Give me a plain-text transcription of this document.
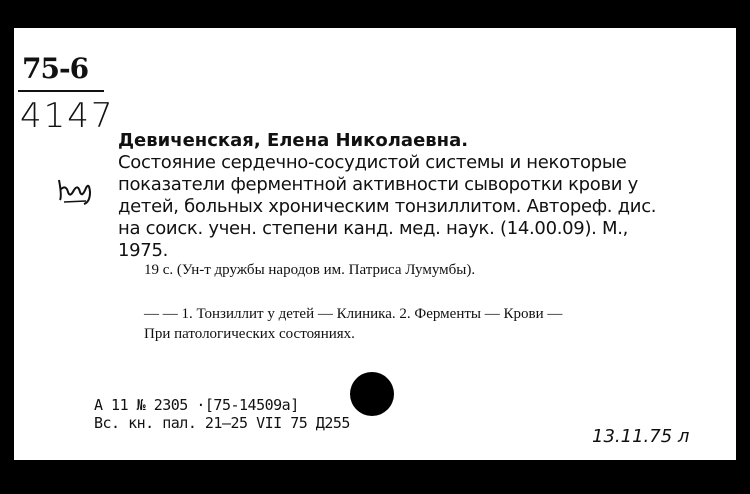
75-6
4147
Девиченская, Елена Николаевна.
Состояние сердечно-сосудистой системы и некоторые
показатели ферментной активности сыворотки крови у
детей, больных хроническим тонзиллитом. Автореф. дис.
на соиск. учен. степени канд. мед. наук. (14.00.09). М.,
1975.
19 с. (Ун-т дружбы народов им. Патриса Лумумбы).
— — 1. Тонзиллит у детей — Клиника. 2. Ферменты — Крови —
При патологических состояниях.
А 11 № 2305 ·[75-14509а]
Вс. кн. пал. 21—25 VII 75 Д255
13.11.75 л
